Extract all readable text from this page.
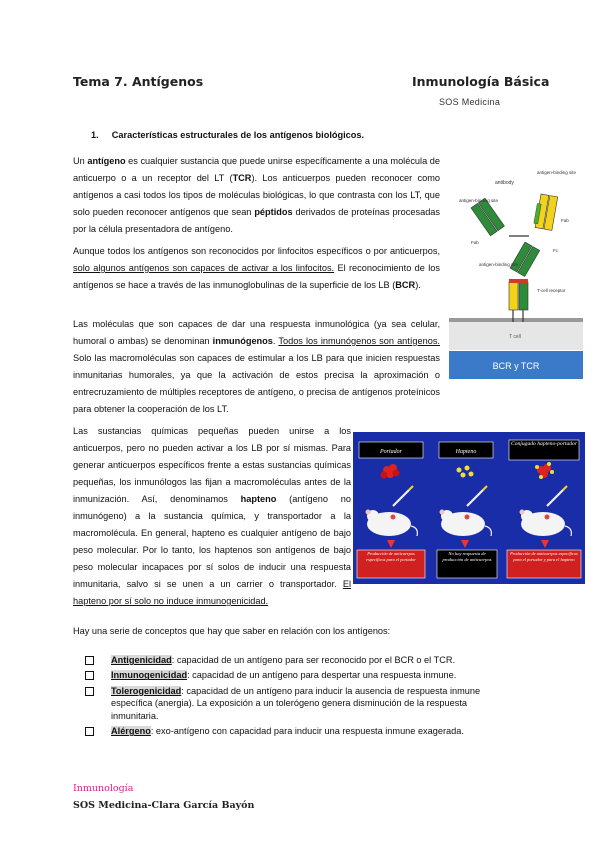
Tema 7. Antígenos	Inmunología Básica
SOS Medicina
1. Características estructurales de los antígenos biológicos.

Un antígeno es cualquier sustancia que puede unirse específicamente a una molécula de anticuerpo o a un receptor del LT (TCR). Los anticuerpos pueden reconocer como antígenos a casi todos los tipos de moléculas biológicas, lo que contrasta con los LT, que solo pueden reconocer antígenos que sean péptidos derivados de proteínas procesadas por la célula presentadora de antígeno.

Aunque todos los antígenos son reconocidos por linfocitos específicos o por anticuerpos, solo algunos antígenos son capaces de activar a los linfocitos. El reconocimiento de los antígenos se hace a través de las inmunoglobulinas de la superficie de los LB (BCR).

Las moléculas que son capaces de dar una respuesta inmunológica (ya sea celular, humoral o ambas) se denominan inmunógenos. Todos los inmunógenos son antígenos. Solo las macromoléculas son capaces de estimular a los LB para que inicien respuestas inmunitarias humorales, ya que la activación de estos precisa la aproximación o entrecruzamiento de múltiples receptores de antígeno, o precisa de antígenos proteínicos para obtener la cooperación de los LT.

antibody
antigen-binding site
antigen-binding site
Fab
Fab
Fc
antigen-binding site
T-cell receptor
T cell
BCR y TCR

Las sustancias químicas pequeñas pueden unirse a los anticuerpos, pero no pueden activar a los LB por sí mismas. Para generar anticuerpos específicos frente a estas sustancias químicas pequeñas, los inmunólogos las fijan a macromoléculas antes de la inmunización. Así, denominamos hapteno (antígeno no inmunógeno) a la sustancia química, y transportador a la macromolécula. En general, hapteno es cualquier antígeno de bajo peso molecular. Por lo tanto, los haptenos son antígenos de bajo peso molecular incapaces por sí solos de inducir una respuesta inmunitaria, salvo si se unen a un carrier o transportador. El hapteno por sí solo no induce inmunogenicidad.

Portador
Producción de anticuerpos específicos para el portador
Hapteno
No hay respuesta de producción de anticuerpos
Conjugado hapteno-portador
Producción de anticuerpos específicos para el portador y para el hapteno

Hay una serie de conceptos que hay que saber en relación con los antígenos:

Antigenicidad: capacidad de un antígeno para ser reconocido por el BCR o el TCR.
Inmunogenicidad: capacidad de un antígeno para despertar una respuesta inmune.
Tolerogenicidad: capacidad de un antígeno para inducir la ausencia de respuesta inmune específica (anergia). La exposición a un tolerógeno genera disminución de la respuesta inmunitaria.
Alérgeno: exo-antígeno con capacidad para inducir una respuesta inmune exagerada.
Inmunología
SOS Medicina-Clara García Bayón
